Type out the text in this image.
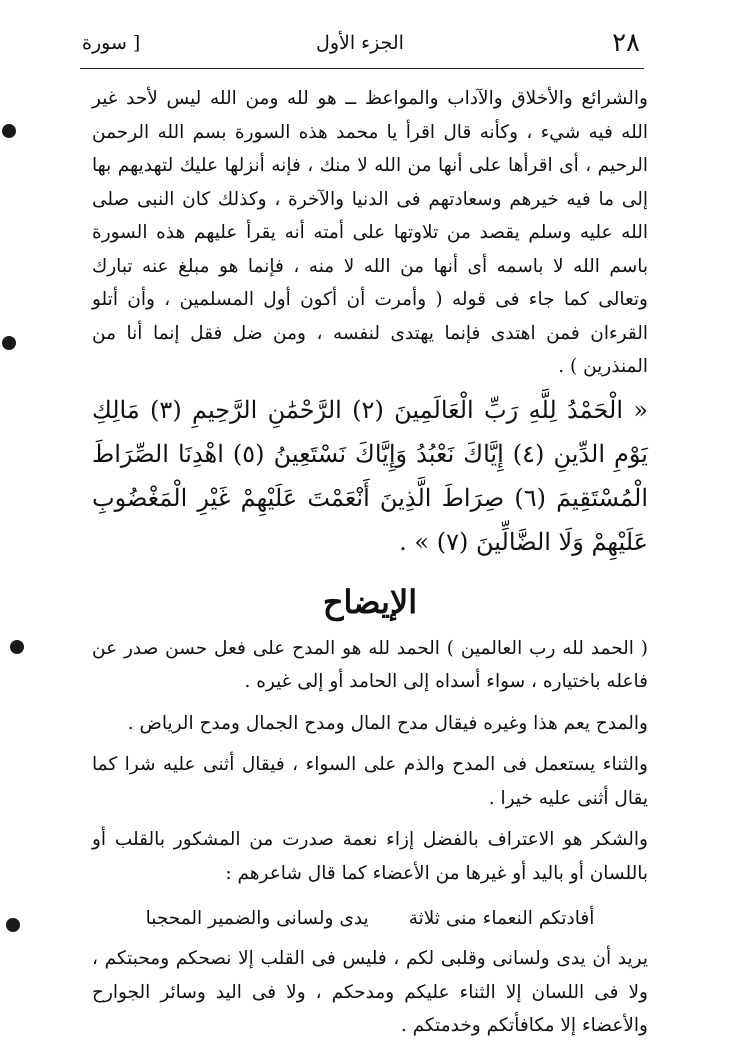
٢٨
الجزء الأول
[ سورة

والشرائع والأخلاق والآداب والمواعظ ــ هو لله ومن الله ليس لأحد غير الله فيه شيء ، وكأنه قال اقرأ يا محمد هذه السورة بسم الله الرحمن الرحيم ، أى اقرأها على أنها من الله لا منك ، فإنه أنزلها عليك لتهديهم بها إلى ما فيه خيرهم وسعادتهم فى الدنيا والآخرة ، وكذلك كان النبى صلى الله عليه وسلم يقصد من تلاوتها على أمته أنه يقرأ عليهم هذه السورة باسم الله لا باسمه أى أنها من الله لا منه ، فإنما هو مبلغ عنه تبارك وتعالى كما جاء فى قوله ( وأمرت أن أكون أول المسلمين ، وأن أتلو القرءان فمن اهتدى فإنما يهتدى لنفسه ، ومن ضل فقل إنما أنا من المنذرين ) .

« الْحَمْدُ لِلَّهِ رَبِّ الْعَالَمِينَ (٢) الرَّحْمَٰنِ الرَّحِيمِ (٣) مَالِكِ يَوْمِ الدِّينِ (٤) إِيَّاكَ نَعْبُدُ وَإِيَّاكَ نَسْتَعِينُ (٥) اهْدِنَا الصِّرَاطَ الْمُسْتَقِيمَ (٦) صِرَاطَ الَّذِينَ أَنْعَمْتَ عَلَيْهِمْ غَيْرِ الْمَغْضُوبِ عَلَيْهِمْ وَلَا الضَّالِّينَ (٧) » .

الإيضاح

( الحمد لله رب العالمين ) الحمد لله هو المدح على فعل حسن صدر عن فاعله باختياره ، سواء أسداه إلى الحامد أو إلى غيره .

والمدح يعم هذا وغيره فيقال مدح المال ومدح الجمال ومدح الرياض .

والثناء يستعمل فى المدح والذم على السواء ، فيقال أثنى عليه شرا كما يقال أثنى عليه خيرا .

والشكر هو الاعتراف بالفضل إزاء نعمة صدرت من المشكور بالقلب أو باللسان أو باليد أو غيرها من الأعضاء كما قال شاعرهم :

أفادتكم النعماء منى ثلاثة
يدى ولسانى والضمير المحجبا

يريد أن يدى ولسانى وقلبى لكم ، فليس فى القلب إلا نصحكم ومحبتكم ، ولا فى اللسان إلا الثناء عليكم ومدحكم ، ولا فى اليد وسائر الجوارح والأعضاء إلا مكافأتكم وخدمتكم .
